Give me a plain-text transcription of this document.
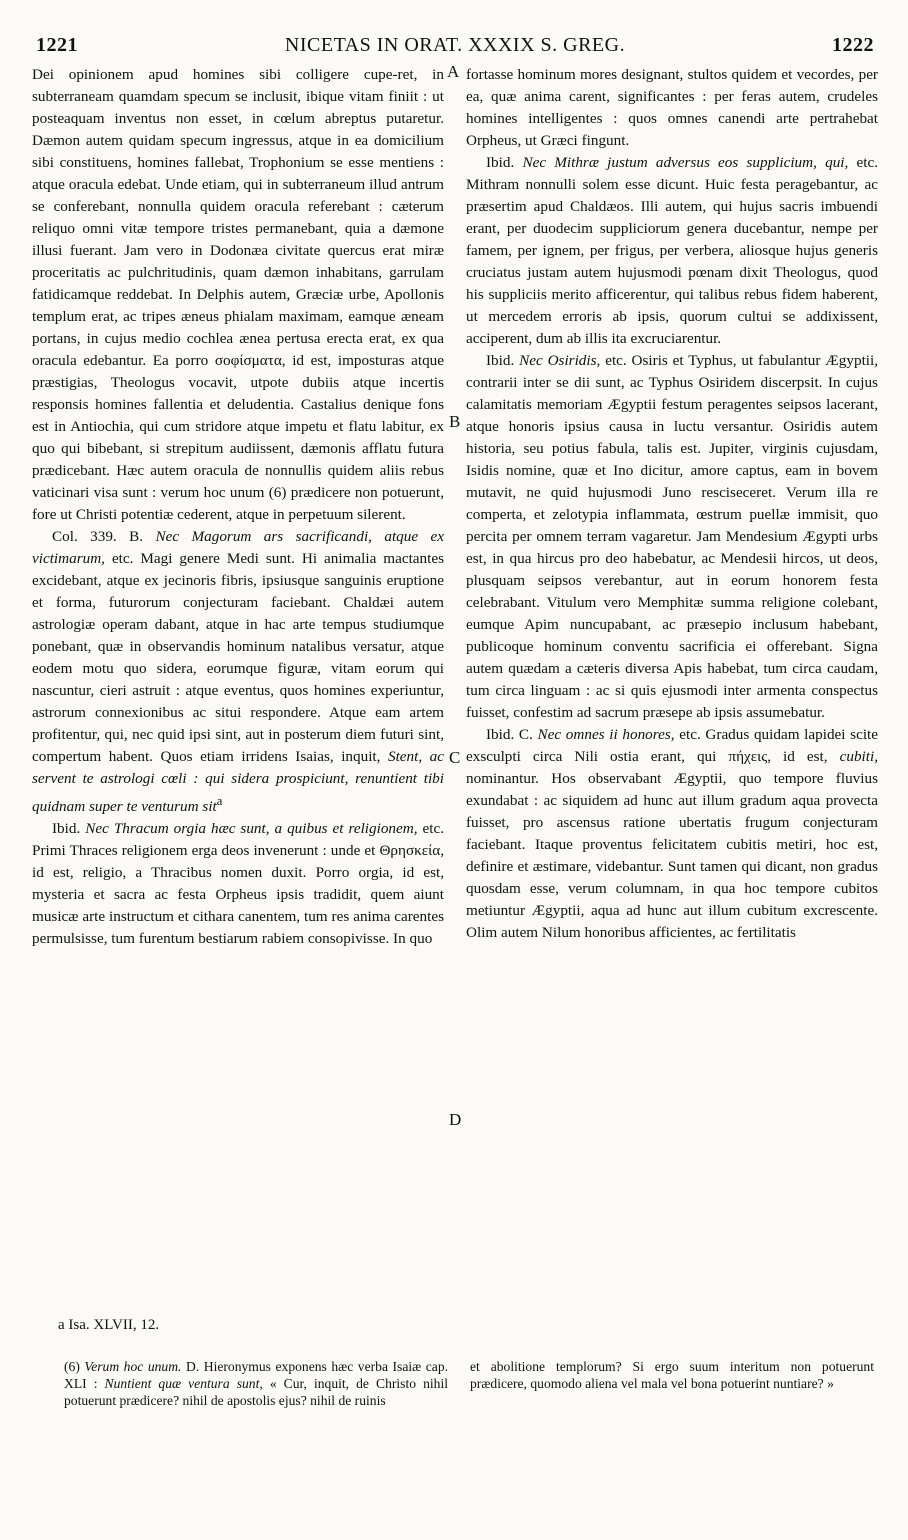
1221	NICETAS IN ORAT. XXXIX S. GREG.	1222

Dei opinionem apud homines sibi colligere cupe-ret, in subterraneam quamdam specum se inclusit, ibique vitam finiit : ut posteaquam inventus non esset, in cœlum abreptus putaretur. Dæmon autem quidam specum ingressus, atque in ea domicilium sibi constituens, homines fallebat, Trophonium se esse mentiens : atque oracula edebat. Unde etiam, qui in subterraneum illud antrum se conferebant, nonnulla quidem oracula referebant : cæterum reliquo omni vitæ tempore tristes permanebant, quia a dæmone illusi fuerant. Jam vero in Dodonæa civitate quercus erat miræ proceritatis ac pulchritudinis, quam dæmon inhabitans, garrulam fatidicamque reddebat. In Delphis autem, Græciæ urbe, Apollonis templum erat, ac tripes æneus phialam maximam, eamque æneam portans, in cujus medio cochlea ænea pertusa erecta erat, ex qua oracula edebantur. Ea porro σοφίσματα, id est, imposturas atque præstigias, Theologus vocavit, utpote dubiis atque incertis responsis homines fallentia et deludentia. Castalius denique fons est in Antiochia, qui cum stridore atque impetu et flatu labitur, ex quo qui bibebant, si strepitum audiissent, dæmonis afflatu futura prædicebant. Hæc autem oracula de nonnullis quidem aliis rebus vaticinari visa sunt : verum hoc unum (6) prædicere non potuerunt, fore ut Christi potentiæ cederent, atque in perpetuum silerent.

Col. 339. B. Nec Magorum ars sacrificandi, atque ex victimarum, etc. Magi genere Medi sunt. Hi animalia mactantes excidebant, atque ex jecinoris fibris, ipsiusque sanguinis eruptione et forma, futurorum conjecturam faciebant. Chaldæi autem astrologiæ operam dabant, atque in hac arte tempus studiumque ponebant, quæ in observandis hominum natalibus versatur, atque eodem motu quo sidera, eorumque figuræ, vitam eorum qui nascuntur, cieri astruit : atque eventus, quos homines experiuntur, astrorum connexionibus ac situi respondere. Atque eam artem profitentur, qui, nec quid ipsi sint, aut in posterum diem futuri sint, compertum habent. Quos etiam irridens Isaias, inquit, Stent, ac servent te astrologi cœli : qui sidera prospiciunt, renuntient tibi quidnam super te venturum sit$^a$

Ibid. Nec Thracum orgia hæc sunt, a quibus et religionem, etc. Primi Thraces religionem erga deos invenerunt : unde et Θρησκεία, id est, religio, a Thracibus nomen duxit. Porro orgia, id est, mysteria et sacra ac festa Orpheus ipsis tradidit, quem aiunt musicæ arte instructum et cithara canentem, tum res anima carentes permulsisse, tum furentum bestiarum rabiem consopivisse. In quo

A
B
C
D

fortasse hominum mores designant, stultos quidem et vecordes, per ea, quæ anima carent, significantes : per feras autem, crudeles homines intelligentes : quos omnes canendi arte pertrahebat Orpheus, ut Græci fingunt.

Ibid. Nec Mithræ justum adversus eos supplicium, qui, etc. Mithram nonnulli solem esse dicunt. Huic festa peragebantur, ac præsertim apud Chaldæos. Illi autem, qui hujus sacris imbuendi erant, per duodecim suppliciorum genera ducebantur, nempe per famem, per ignem, per frigus, per verbera, aliosque hujus generis cruciatus justam autem hujusmodi pœnam dixit Theologus, quod his suppliciis merito afficerentur, qui talibus rebus fidem haberent, ut mercedem erroris ab ipsis, quorum cultui se addixissent, acciperent, dum ab illis ita excruciarentur.

Ibid. Nec Osiridis, etc. Osiris et Typhus, ut fabulantur Ægyptii, contrarii inter se dii sunt, ac Typhus Osiridem discerpsit. In cujus calamitatis memoriam Ægyptii festum peragentes seipsos lacerant, atque honoris ipsius causa in luctu versantur. Osiridis autem historia, seu potius fabula, talis est. Jupiter, virginis cujusdam, Isidis nomine, quæ et Ino dicitur, amore captus, eam in bovem mutavit, ne quid hujusmodi Juno resciseceret. Verum illa re comperta, et zelotypia inflammata, œstrum puellæ immisit, quo percita per omnem terram vagaretur. Jam Mendesium Ægypti urbs est, in qua hircus pro deo habebatur, ac Mendesii hircos, ut deos, plusquam seipsos verebantur, aut in eorum honorem festa celebrabant. Vitulum vero Memphitæ summa religione colebant, eumque Apim nuncupabant, ac præsepio inclusum habebant, publicoque hominum conventu sacrificia ei offerebant. Signa autem quædam a cæteris diversa Apis habebat, tum circa caudam, tum circa linguam : ac si quis ejusmodi inter armenta conspectus fuisset, confestim ad sacrum præsepe ab ipsis assumebatur.

Ibid. C. Nec omnes ii honores, etc. Gradus quidam lapidei scite exsculpti circa Nili ostia erant, qui πήχεις, id est, cubiti, nominantur. Hos observabant Ægyptii, quo tempore fluvius exundabat : ac siquidem ad hunc aut illum gradum aqua provecta fuisset, pro ascensus ratione ubertatis frugum conjecturam faciebant. Itaque proventus felicitatem cubitis metiri, hoc est, definire et æstimare, videbantur. Sunt tamen qui dicant, non gradus quosdam esse, verum columnam, in qua hoc tempore cubitos metiuntur Ægyptii, aqua ad hunc aut illum cubitum excrescente. Olim autem Nilum honoribus afficientes, ac fertilitatis

a Isa. XLVII, 12.

(6) Verum hoc unum. D. Hieronymus exponens hæc verba Isaiæ cap. XLI : Nuntient quæ ventura sunt, « Cur, inquit, de Christo nihil potuerunt prædicere? nihil de apostolis ejus? nihil de ruinis

et abolitione templorum? Si ergo suum interitum non potuerunt prædicere, quomodo aliena vel mala vel bona potuerint nuntiare? »
